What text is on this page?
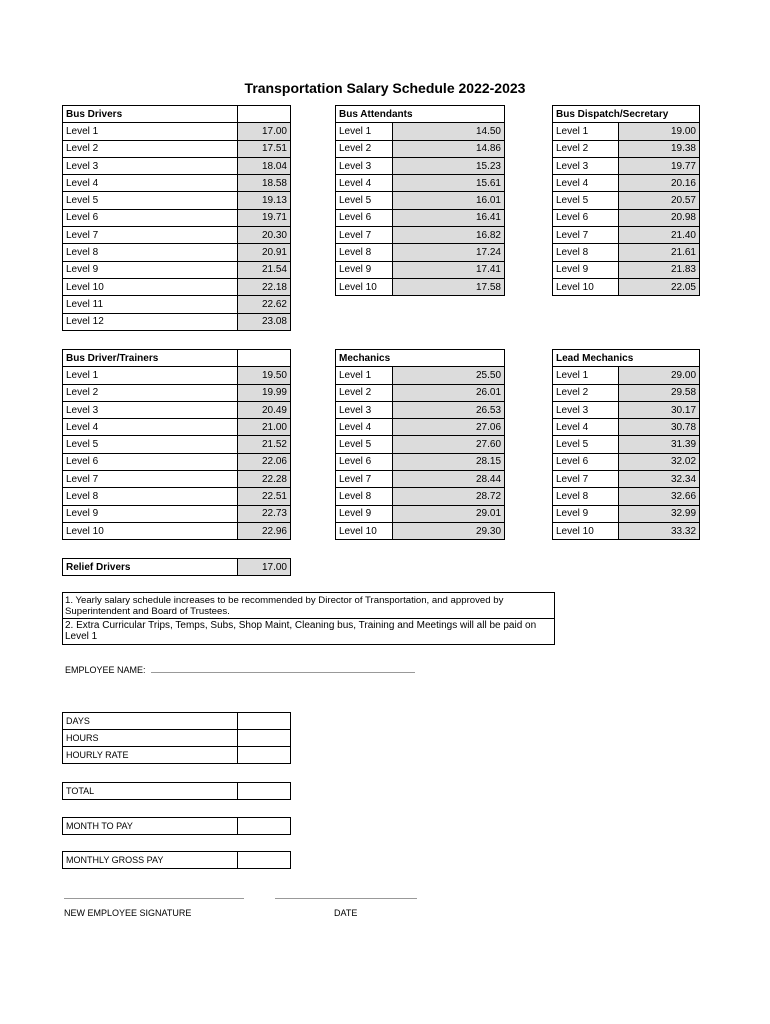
Transportation Salary Schedule 2022-2023
Bus Drivers	
Level 1	17.00
Level 2	17.51
Level 3	18.04
Level 4	18.58
Level 5	19.13
Level 6	19.71
Level 7	20.30
Level 8	20.91
Level 9	21.54
Level 10	22.18
Level 11	22.62
Level 12	23.08
Bus Attendants	
Level 1	14.50
Level 2	14.86
Level 3	15.23
Level 4	15.61
Level 5	16.01
Level 6	16.41
Level 7	16.82
Level 8	17.24
Level 9	17.41
Level 10	17.58
Bus Dispatch/Secretary	
Level 1	19.00
Level 2	19.38
Level 3	19.77
Level 4	20.16
Level 5	20.57
Level 6	20.98
Level 7	21.40
Level 8	21.61
Level 9	21.83
Level 10	22.05
Bus Driver/Trainers	
Level 1	19.50
Level 2	19.99
Level 3	20.49
Level 4	21.00
Level 5	21.52
Level 6	22.06
Level 7	22.28
Level 8	22.51
Level 9	22.73
Level 10	22.96
Mechanics	
Level 1	25.50
Level 2	26.01
Level 3	26.53
Level 4	27.06
Level 5	27.60
Level 6	28.15
Level 7	28.44
Level 8	28.72
Level 9	29.01
Level 10	29.30
Lead Mechanics	
Level 1	29.00
Level 2	29.58
Level 3	30.17
Level 4	30.78
Level 5	31.39
Level 6	32.02
Level 7	32.34
Level 8	32.66
Level 9	32.99
Level 10	33.32
Relief Drivers	17.00
1. Yearly salary schedule increases to be recommended by Director of Transportation, and approved by Superintendent and Board of Trustees.
2. Extra Curricular Trips, Temps, Subs, Shop Maint, Cleaning bus, Training and Meetings will all be paid on Level 1
EMPLOYEE NAME:
DAYS	
HOURS	
HOURLY RATE	
TOTAL	
MONTH TO PAY	
MONTHLY GROSS PAY	
NEW EMPLOYEE SIGNATURE	DATE
